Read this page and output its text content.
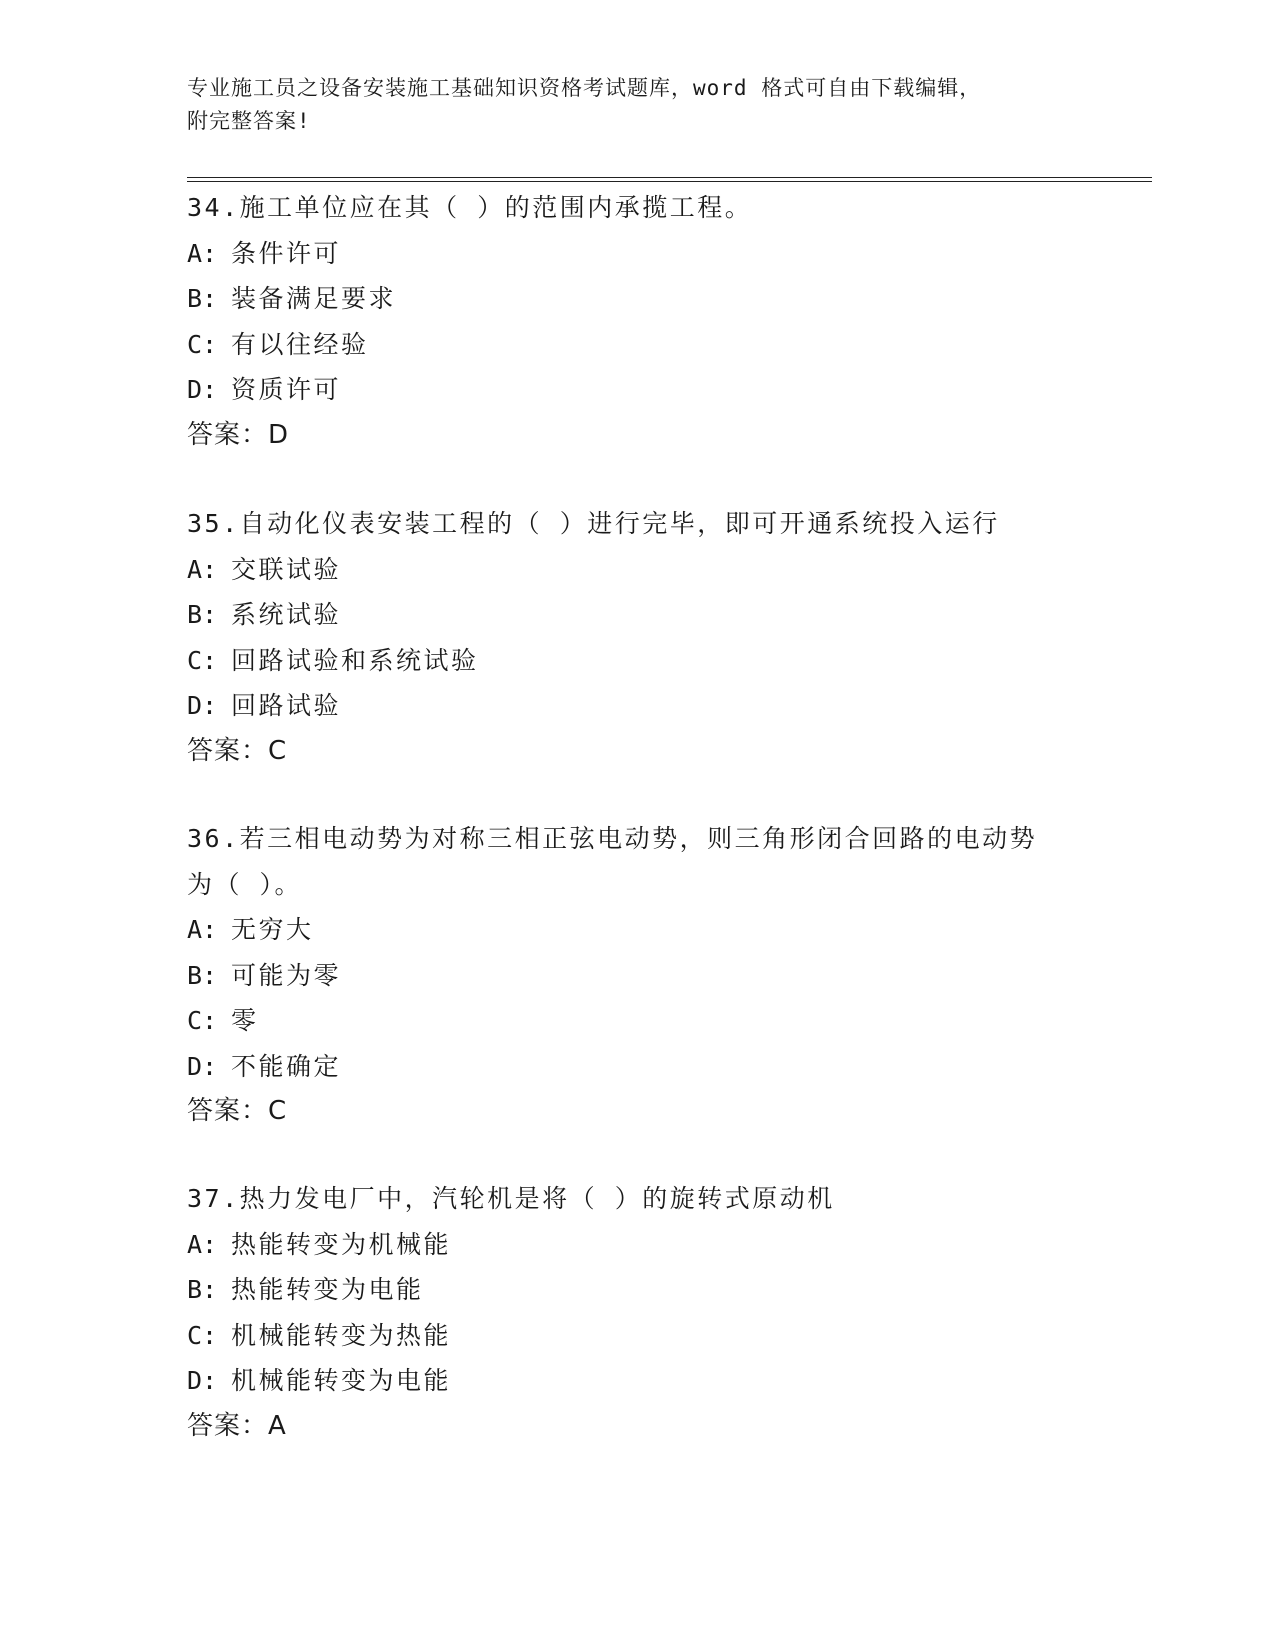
专业施工员之设备安装施工基础知识资格考试题库，word 格式可自由下载编辑，
附完整答案!

34.施工单位应在其（ ）的范围内承揽工程。

A: 条件许可

B: 装备满足要求

C: 有以往经验

D: 资质许可

答案：D

35.自动化仪表安装工程的（ ）进行完毕，即可开通系统投入运行

A: 交联试验

B: 系统试验

C: 回路试验和系统试验

D: 回路试验

答案：C

36.若三相电动势为对称三相正弦电动势，则三角形闭合回路的电动势

为（ ）。

A: 无穷大

B: 可能为零

C: 零

D: 不能确定

答案：C

37.热力发电厂中，汽轮机是将（ ）的旋转式原动机

A: 热能转变为机械能

B: 热能转变为电能

C: 机械能转变为热能

D: 机械能转变为电能

答案：A
